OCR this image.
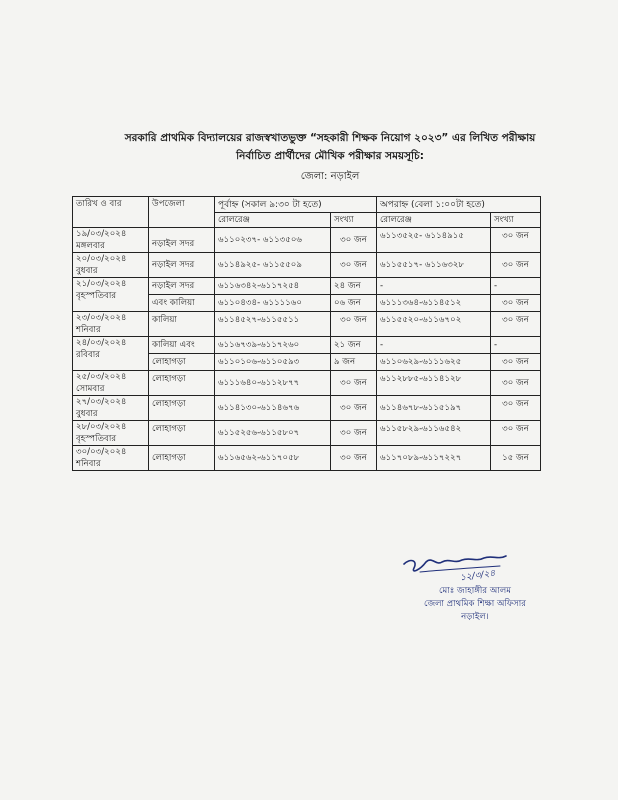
সরকারি প্রাথমিক বিদ্যালয়ের রাজস্বখাতভুক্ত “সহকারী শিক্ষক নিয়োগ ২০২৩” এর লিখিত পরীক্ষায়
নির্বাচিত প্রার্থীদের মৌখিক পরীক্ষার সময়সূচি:
জেলা: নড়াইল
তারিখ ও বার	উপজেলা	পূর্বাহ্ন (সকাল ৯:৩০ টা হতে)		অপরাহ্ন (বেলা ১:০০টা হতে)	
		রোলরেঞ্জ	সংখ্যা	রোলরেঞ্জ	সংখ্যা

১৯/০৩/২০২৪
মঙ্গলবার	নড়াইল সদর	৬১১০২৩৭- ৬১১৩৫০৬	৩০ জন	৬১১৩৫২৫- ৬১১৪৯১৫	৩০ জন

২০/০৩/২০২৪
বুধবার	নড়াইল সদর	৬১১৪৯২৫- ৬১১৫৫০৯	৩০ জন	৬১১৫৫১৭- ৬১১৬৩২৮	৩০ জন

২১/০৩/২০২৪
বৃহস্পতিবার	নড়াইল সদর	৬১১৬৩৪২-৬১১৭২৫৪	২৪ জন	-	-
	এবং কালিয়া	৬১১০৪৩৪- ৬১১১১৬০	০৬ জন	৬১১১৩৬৪-৬১১৪৫১২	৩০ জন

২৩/০৩/২০২৪
শনিবার	কালিয়া	৬১১৪৫২৭-৬১১৫৫১১	৩০ জন	৬১১৫৫২০-৬১১৬৭০২	৩০ জন

২৪/০৩/২০২৪
রবিবার	কালিয়া এবং	৬১১৬৭৩৯-৬১১৭২৬০	২১ জন	-	-
	লোহাগড়া	৬১১০১০৬-৬১১০৫৯৩	৯ জন	৬১১০৬২৯-৬১১১৬২৫	৩০ জন

২৫/০৩/২০২৪
সোমবার	লোহাগড়া	৬১১১৬৪০-৬১১২৮৭৭	৩০ জন	৬১১২৮৮৫-৬১১৪১২৮	৩০ জন

২৭/০৩/২০২৪
বুধবার	লোহাগড়া	৬১১৪১৩০-৬১১৪৬৭৬	৩০ জন	৬১১৪৬৭৮-৬১১৫১৯৭	৩০ জন

২৮/০৩/২০২৪
বৃহস্পতিবার	লোহাগড়া	৬১১৫২৫৬-৬১১৫৮০৭	৩০ জন	৬১১৫৮২৯-৬১১৬৫৪২	৩০ জন

৩০/০৩/২০২৪
শনিবার	লোহাগড়া	৬১১৬৫৬২-৬১১৭০৫৮	৩০ জন	৬১১৭০৮৯-৬১১৭২২৭	১৫ জন

১২/৩/২৪
মোঃ জাহাঙ্গীর আলম
জেলা প্রাথমিক শিক্ষা অফিসার
নড়াইল।
